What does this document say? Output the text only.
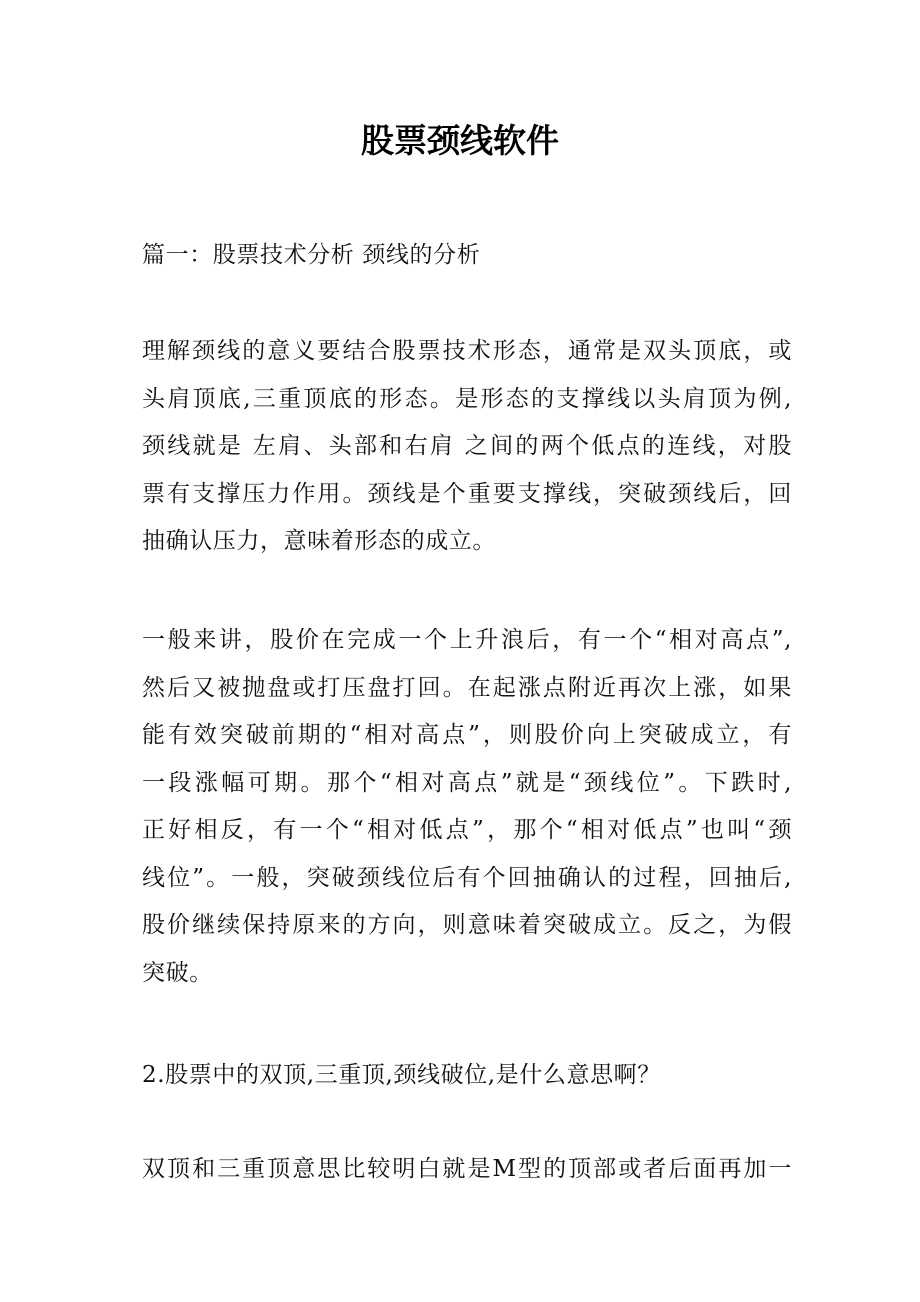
股票颈线软件
篇一：股票技术分析 颈线的分析
理解颈线的意义要结合股票技术形态，通常是双头顶底，或
头肩顶底,三重顶底的形态。是形态的支撑线以头肩顶为例,
颈线就是 左肩、头部和右肩 之间的两个低点的连线，对股
票有支撑压力作用。颈线是个重要支撑线，突破颈线后，回
抽确认压力，意味着形态的成立。
一般来讲，股价在完成一个上升浪后，有一个“相对高点”,
然后又被抛盘或打压盘打回。在起涨点附近再次上涨，如果
能有效突破前期的“相对高点”，则股价向上突破成立，有
一段涨幅可期。那个“相对高点”就是“颈线位”。下跌时,
正好相反，有一个“相对低点”，那个“相对低点”也叫“颈
线位”。一般，突破颈线位后有个回抽确认的过程，回抽后,
股价继续保持原来的方向，则意味着突破成立。反之，为假
突破。
2.股票中的双顶,三重顶,颈线破位,是什么意思啊？
双顶和三重顶意思比较明白就是M型的顶部或者后面再加一
